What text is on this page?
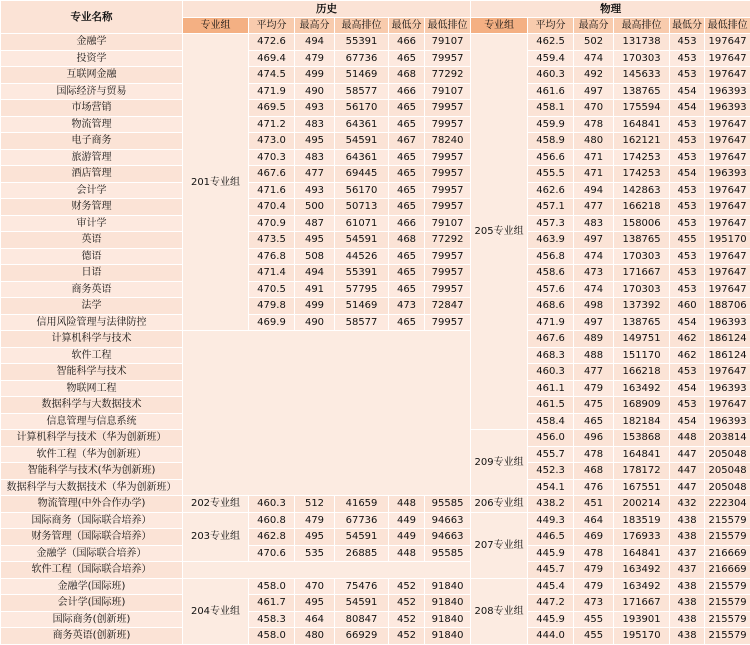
专业名称	历史						物理					
	专业组	平均分	最高分	最高排位	最低分	最低排位	专业组	平均分	最高分	最高排位	最低分	最低排位
金融学	201专业组	472.6	494	55391	466	79107	205专业组	462.5	502	131738	453	197647
投资学		469.4	479	67736	465	79957		459.4	474	170303	453	197647
互联网金融		474.5	499	51469	468	77292		460.3	492	145633	453	197647
国际经济与贸易		471.9	490	58577	466	79107		461.6	497	138765	454	196393
市场营销		469.5	493	56170	465	79957		458.1	470	175594	454	196393
物流管理		471.2	483	64361	465	79957		459.9	478	164841	453	197647
电子商务		473.0	495	54591	467	78240		458.9	480	162121	453	197647
旅游管理		470.3	483	64361	465	79957		456.6	471	174253	453	197647
酒店管理		467.6	477	69445	465	79957		455.5	471	174253	454	196393
会计学		471.6	493	56170	465	79957		462.6	494	142863	453	197647
财务管理		470.4	500	50713	465	79957		457.1	477	166218	453	197647
审计学		470.9	487	61071	466	79107		457.3	483	158006	453	197647
英语		473.5	495	54591	468	77292		463.9	497	138765	455	195170
德语		476.8	508	44526	465	79957		456.8	474	170303	453	197647
日语		471.4	494	55391	465	79957		458.6	473	171667	453	197647
商务英语		470.5	491	57795	465	79957		457.6	474	170303	453	197647
法学		479.8	499	51469	473	72847		468.6	498	137392	460	188706
信用风险管理与法律防控		469.9	490	58577	465	79957		471.9	497	138765	454	196393
计算机科学与技术								467.6	489	149751	462	186124
软件工程								468.3	488	151170	462	186124
智能科学与技术								460.3	477	166218	453	197647
物联网工程								461.1	479	163492	454	196393
数据科学与大数据技术								461.5	475	168909	453	197647
信息管理与信息系统								458.4	465	182184	454	196393
计算机科学与技术（华为创新班）							209专业组	456.0	496	153868	448	203814
软件工程（华为创新班）								455.7	478	164841	447	205048
智能科学与技术(华为创新班)								452.3	468	178172	447	205048
数据科学与大数据技术（华为创新班）								454.1	476	167551	447	205048
物流管理(中外合作办学)	202专业组	460.3	512	41659	448	95585	206专业组	438.2	451	200214	432	222304
国际商务（国际联合培养）	203专业组	460.8	479	67736	449	94663	207专业组	449.3	464	183519	438	215579
财务管理（国际联合培养）		462.8	495	54591	449	94663		446.5	469	176933	438	215579
金融学（国际联合培养）		470.6	535	26885	448	95585		445.9	478	164841	437	216669
软件工程（国际联合培养）								445.7	479	163492	437	216669
金融学(国际班)	204专业组	458.0	470	75476	452	91840	208专业组	445.4	479	163492	438	215579
会计学(国际班)		461.7	495	54591	452	91840		447.2	473	171667	438	215579
国际商务(创新班)		458.3	464	80847	452	91840		445.9	455	193901	438	215579
商务英语(创新班)		458.0	480	66929	452	91840		444.0	455	195170	438	215579
